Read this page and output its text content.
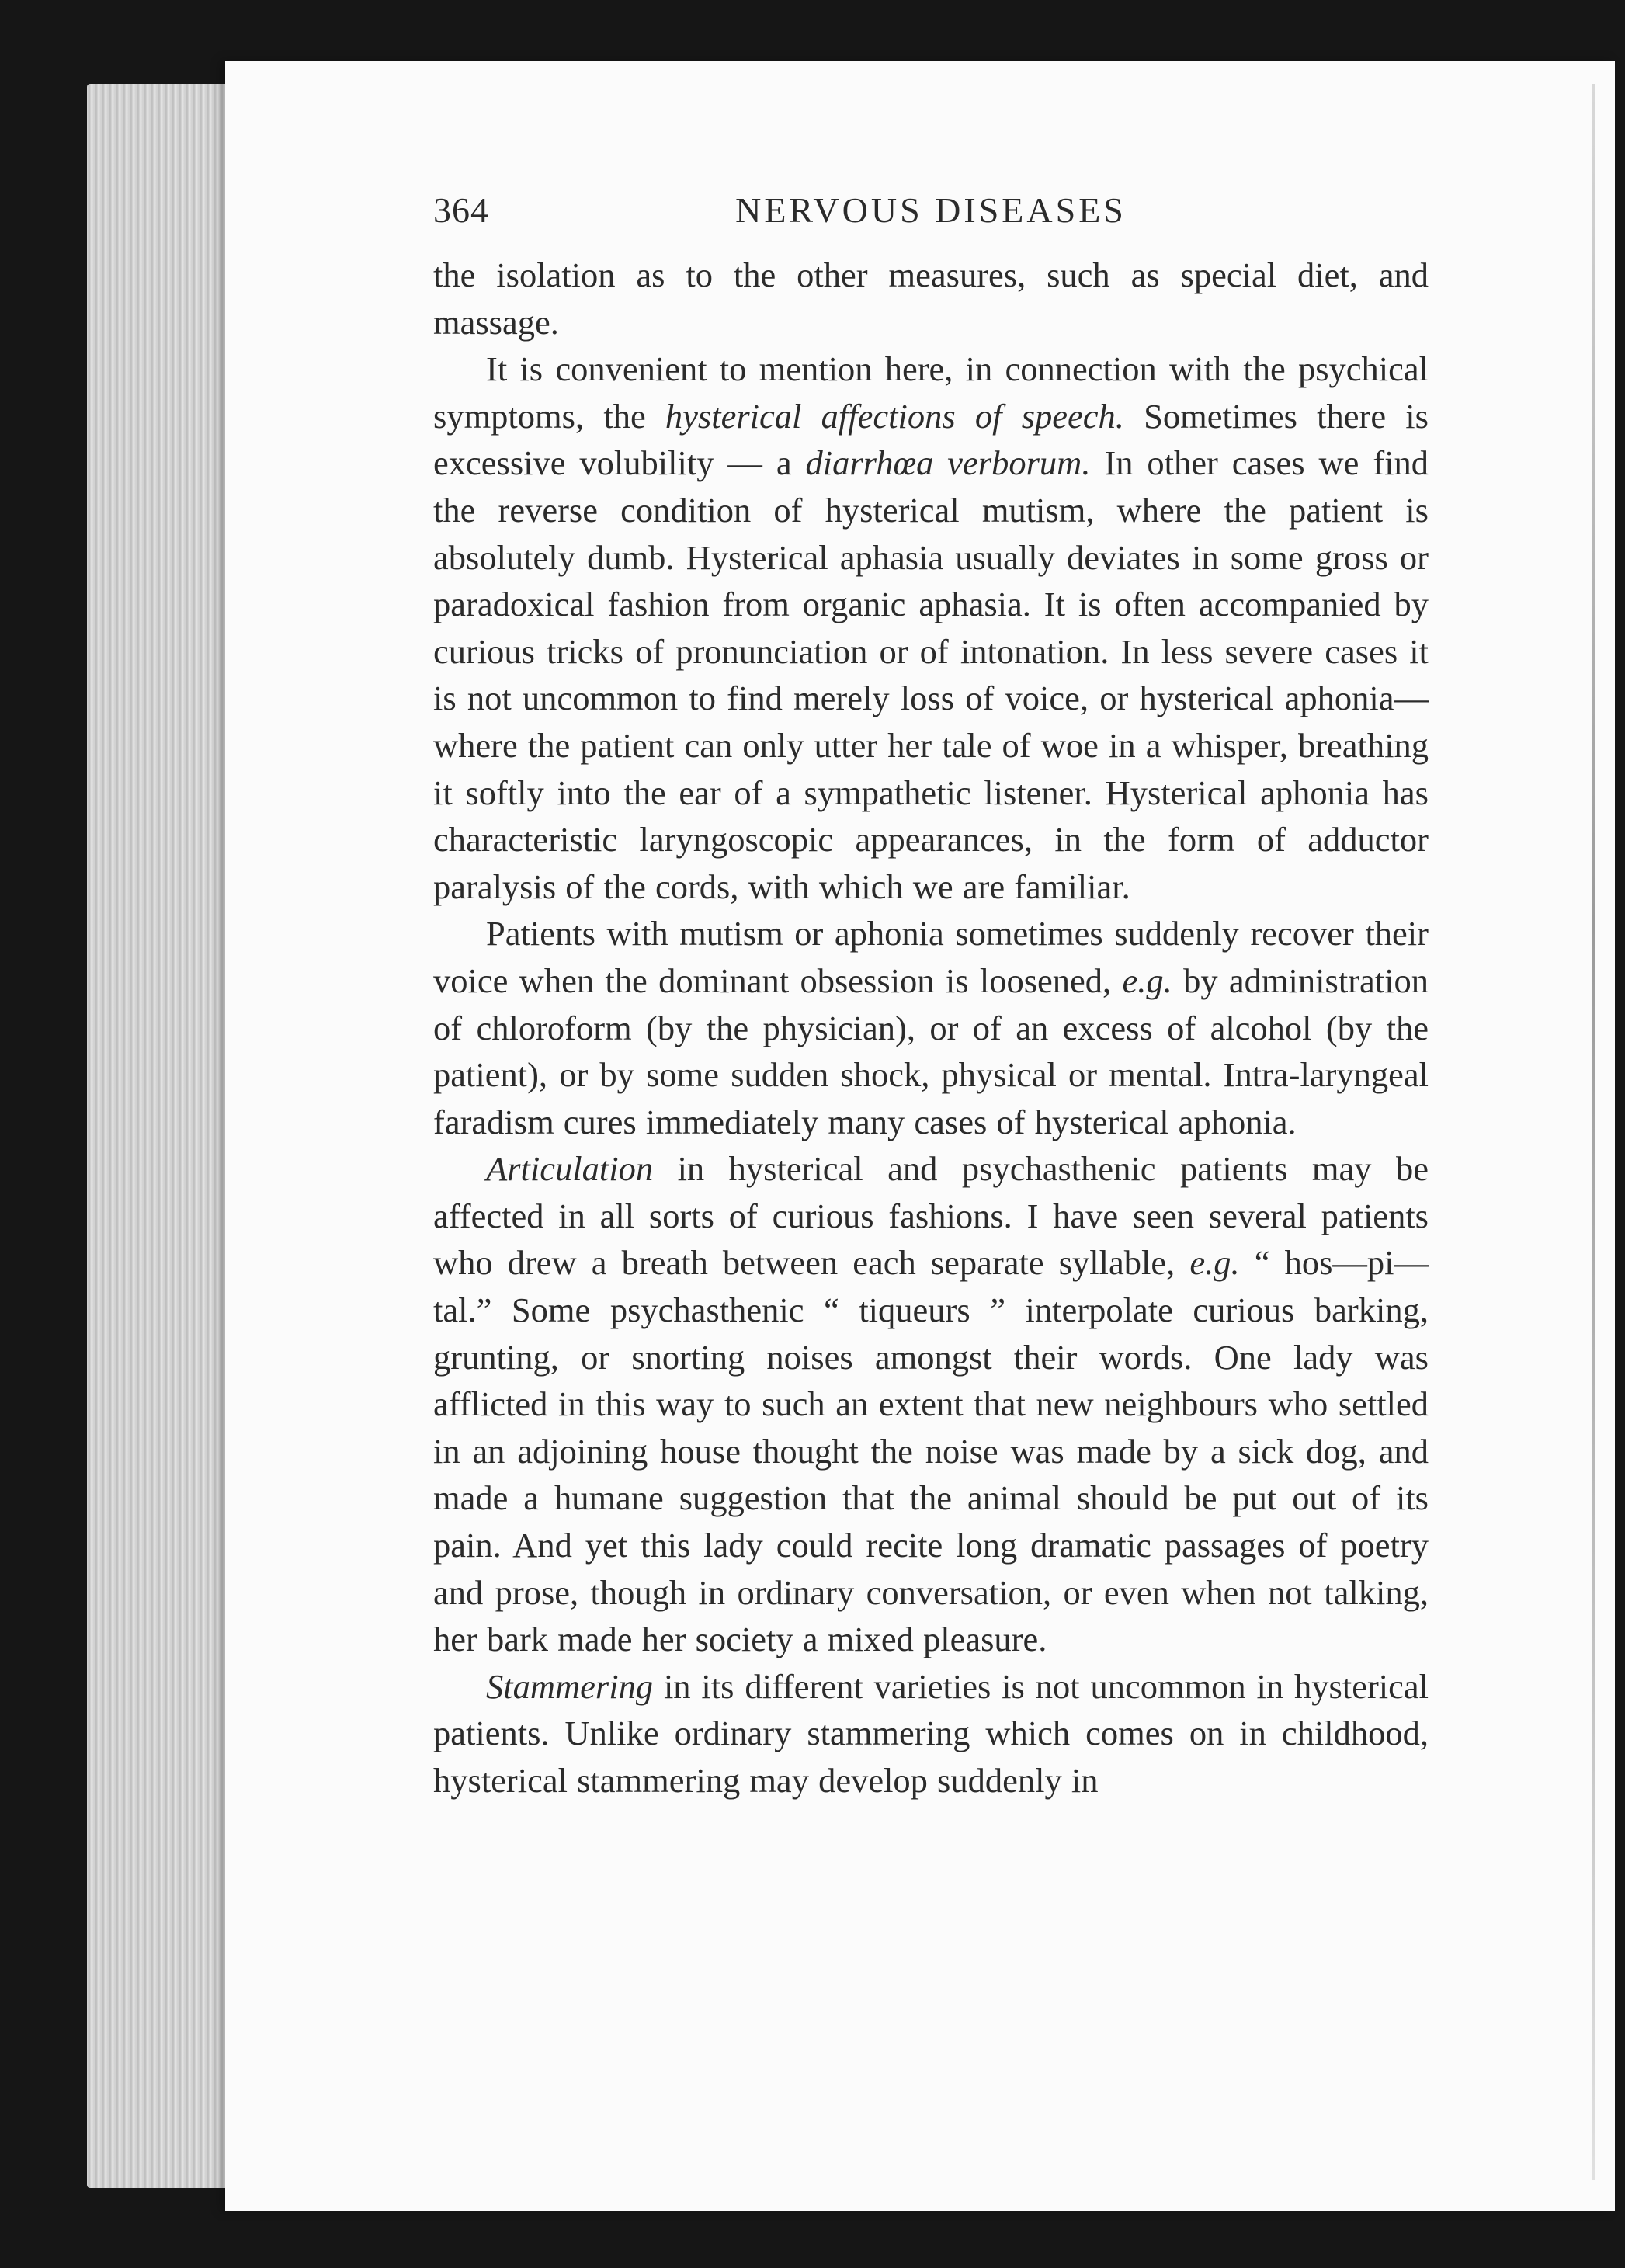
364	NERVOUS DISEASES

the isolation as to the other measures, such as special diet, and massage.

It is convenient to mention here, in connection with the psychical symptoms, the hysterical affections of speech. Sometimes there is excessive volubility — a diarrhœa verborum. In other cases we find the reverse condition of hysterical mutism, where the patient is absolutely dumb. Hysterical aphasia usually deviates in some gross or paradoxical fashion from organic aphasia. It is often accompanied by curious tricks of pronunciation or of intonation. In less severe cases it is not uncommon to find merely loss of voice, or hysterical aphonia—where the patient can only utter her tale of woe in a whisper, breathing it softly into the ear of a sympathetic listener. Hysterical aphonia has characteristic laryngoscopic appearances, in the form of adductor paralysis of the cords, with which we are familiar.

Patients with mutism or aphonia sometimes suddenly recover their voice when the dominant obsession is loosened, e.g. by administration of chloroform (by the physician), or of an excess of alcohol (by the patient), or by some sudden shock, physical or mental. Intra-laryngeal faradism cures immediately many cases of hysterical aphonia.

Articulation in hysterical and psychasthenic patients may be affected in all sorts of curious fashions. I have seen several patients who drew a breath between each separate syllable, e.g. “ hos—pi—tal.” Some psychasthenic “ tiqueurs ” interpolate curious barking, grunting, or snorting noises amongst their words. One lady was afflicted in this way to such an extent that new neighbours who settled in an adjoining house thought the noise was made by a sick dog, and made a humane suggestion that the animal should be put out of its pain. And yet this lady could recite long dramatic passages of poetry and prose, though in ordinary conversation, or even when not talking, her bark made her society a mixed pleasure.

Stammering in its different varieties is not uncommon in hysterical patients. Unlike ordinary stammering which comes on in childhood, hysterical stammering may develop suddenly in
